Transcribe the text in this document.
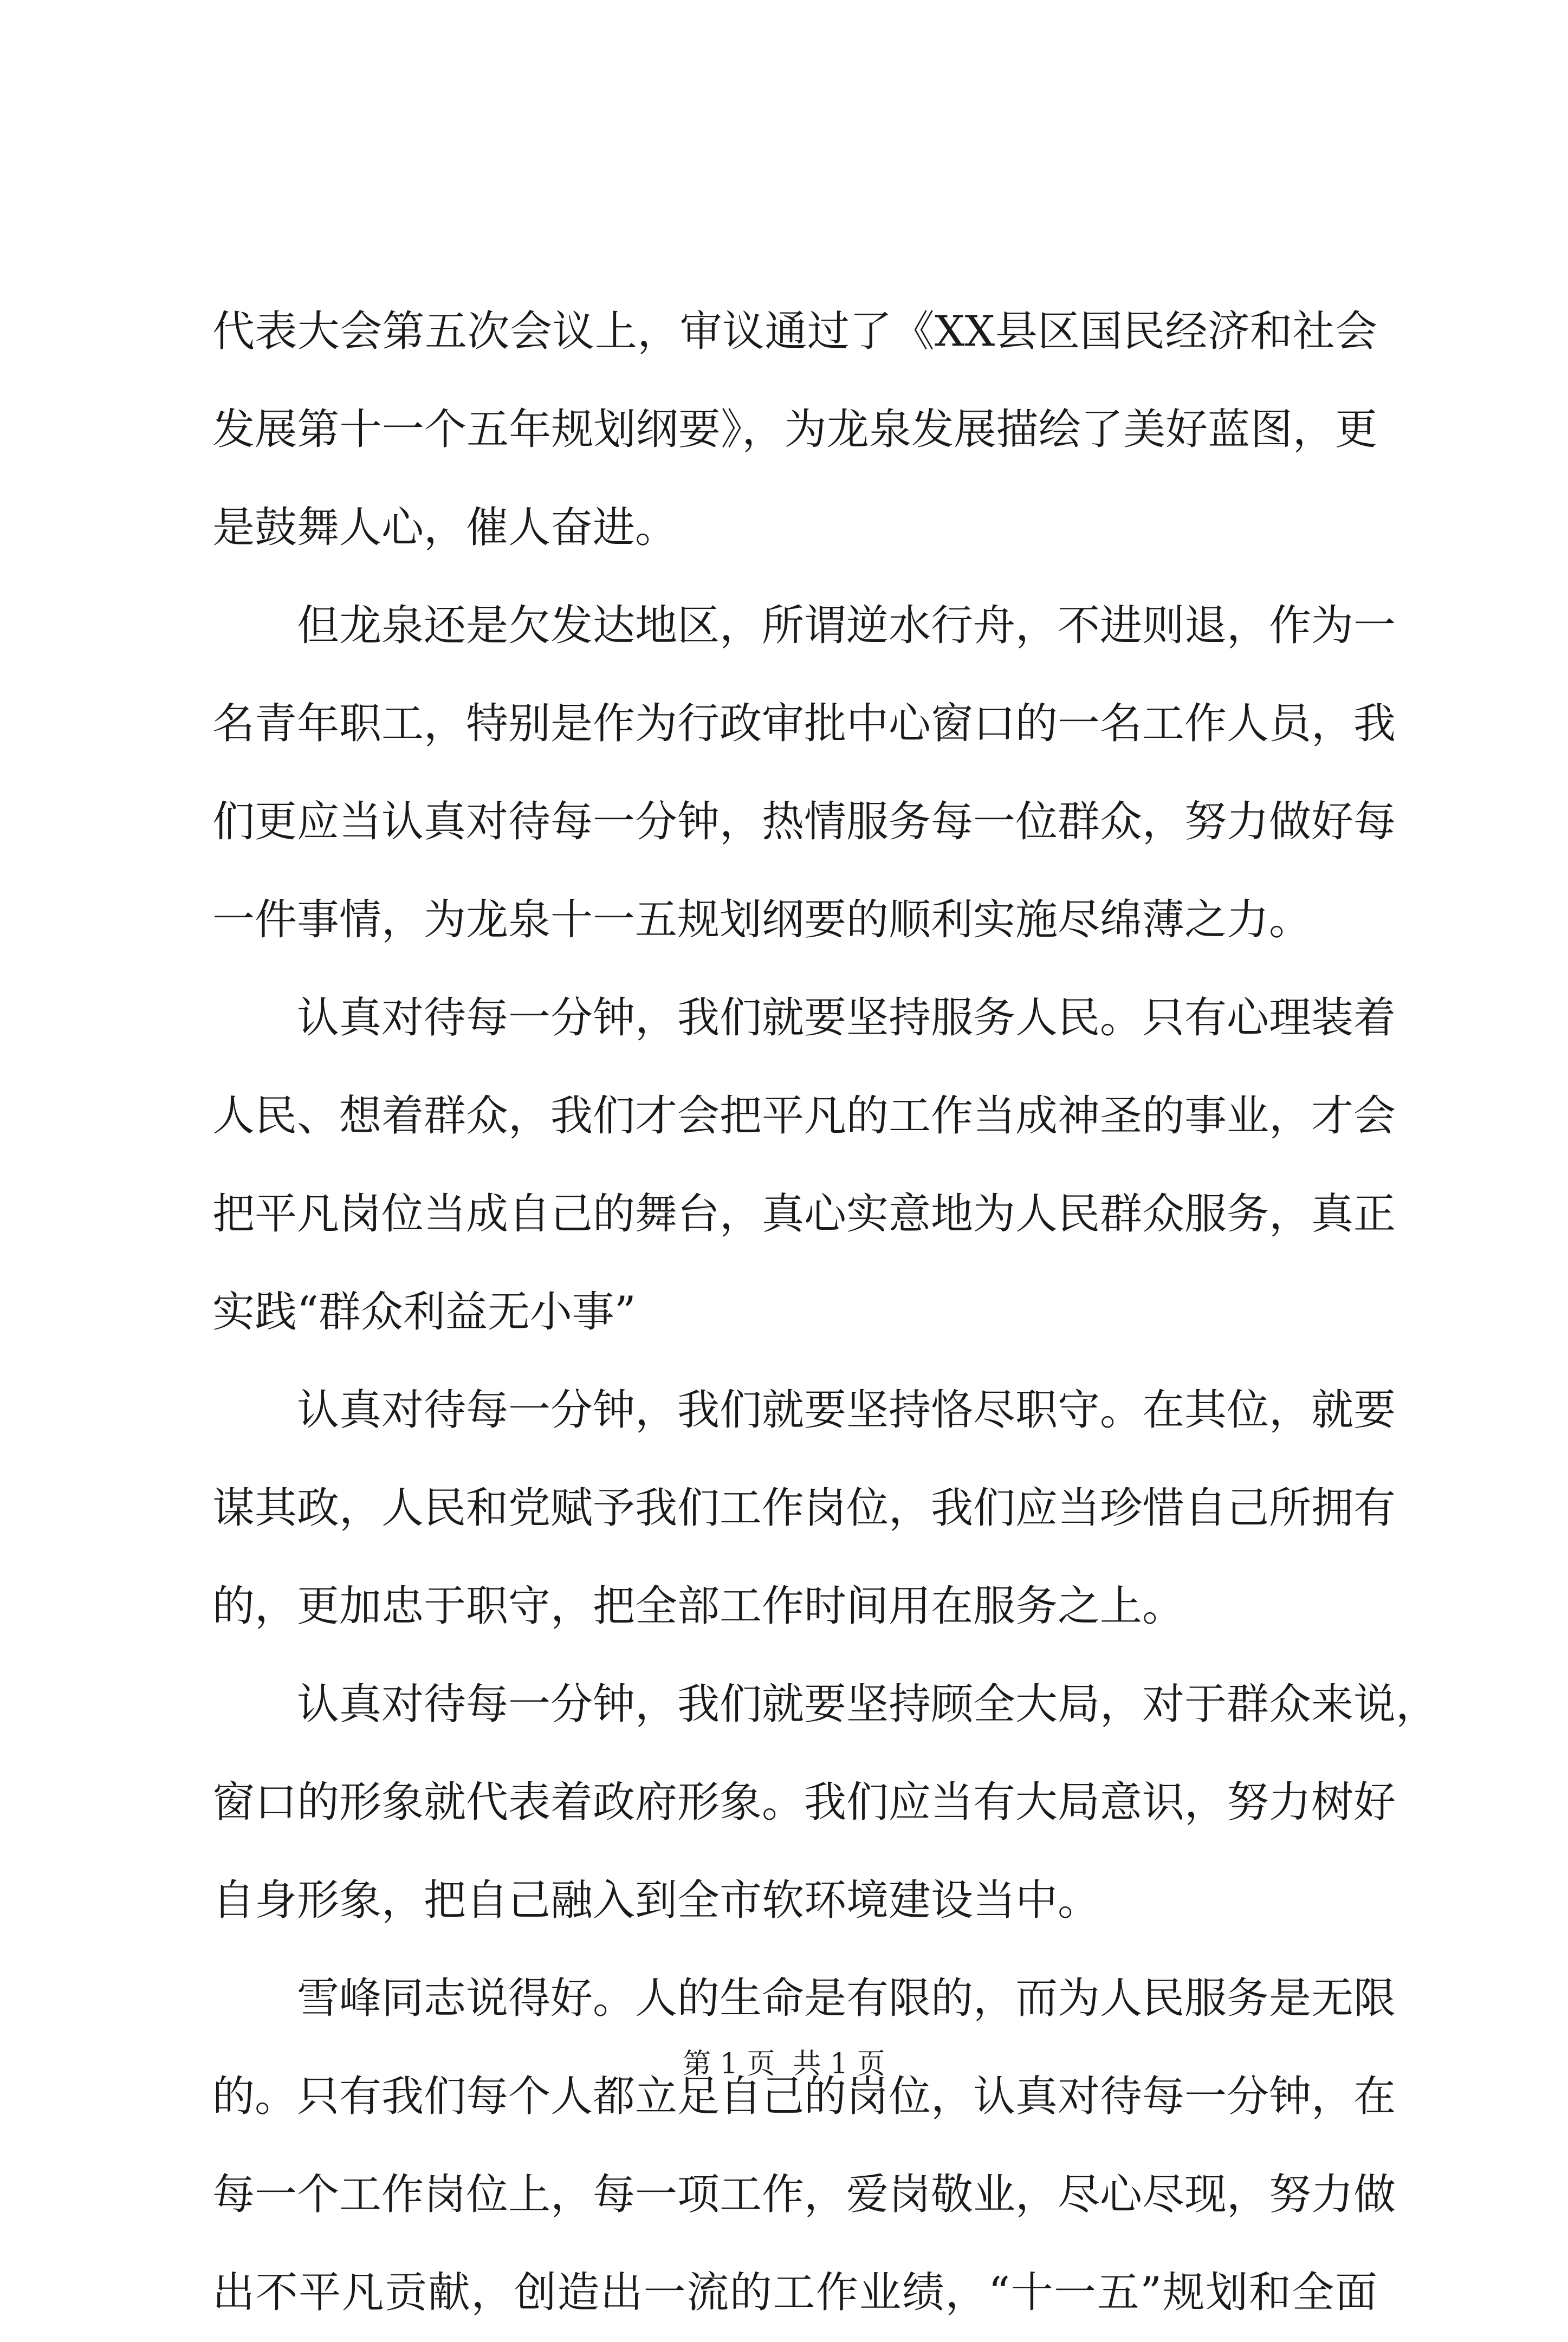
代表大会第五次会议上，审议通过了《XX县区国民经济和社会
发展第十一个五年规划纲要》，为龙泉发展描绘了美好蓝图，更
是鼓舞人心，催人奋进。
但龙泉还是欠发达地区，所谓逆水行舟，不进则退，作为一
名青年职工，特别是作为行政审批中心窗口的一名工作人员，我
们更应当认真对待每一分钟，热情服务每一位群众，努力做好每
一件事情，为龙泉十一五规划纲要的顺利实施尽绵薄之力。
认真对待每一分钟，我们就要坚持服务人民。只有心理装着
人民、想着群众，我们才会把平凡的工作当成神圣的事业，才会
把平凡岗位当成自己的舞台，真心实意地为人民群众服务，真正
实践“群众利益无小事”
认真对待每一分钟，我们就要坚持恪尽职守。在其位，就要
谋其政，人民和党赋予我们工作岗位，我们应当珍惜自己所拥有
的，更加忠于职守，把全部工作时间用在服务之上。
认真对待每一分钟，我们就要坚持顾全大局，对于群众来说，
窗口的形象就代表着政府形象。我们应当有大局意识，努力树好
自身形象，把自己融入到全市软环境建设当中。
雪峰同志说得好。人的生命是有限的，而为人民服务是无限
的。只有我们每个人都立足自己的岗位，认真对待每一分钟，在
每一个工作岗位上，每一项工作，爱岗敬业，尽心尽现，努力做
出不平凡贡献，创造出一流的工作业绩，“十一五”规划和全面
第 1 页  共 1 页
